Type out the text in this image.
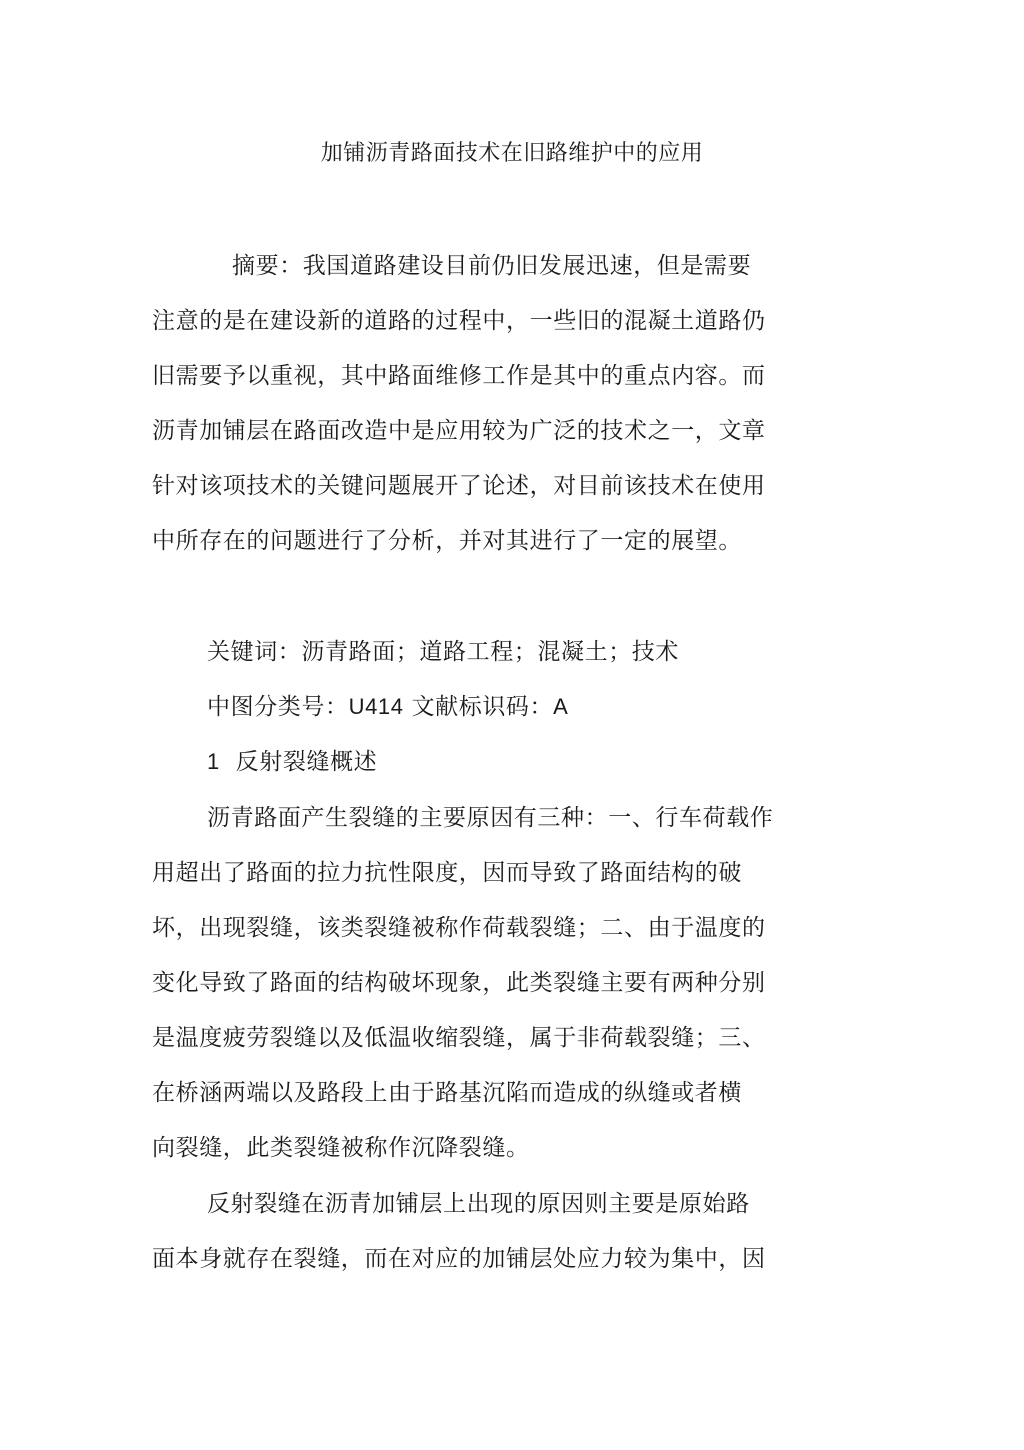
加铺沥青路面技术在旧路维护中的应用
摘要：我国道路建设目前仍旧发展迅速，但是需要
注意的是在建设新的道路的过程中，一些旧的混凝土道路仍
旧需要予以重视，其中路面维修工作是其中的重点内容。而
沥青加铺层在路面改造中是应用较为广泛的技术之一，文章
针对该项技术的关键问题展开了论述，对目前该技术在使用
中所存在的问题进行了分析，并对其进行了一定的展望。
关键词：沥青路面；道路工程；混凝土；技术
中图分类号：U414 文献标识码：A
1 反射裂缝概述
沥青路面产生裂缝的主要原因有三种：一、行车荷载作
用超出了路面的拉力抗性限度，因而导致了路面结构的破
坏，出现裂缝，该类裂缝被称作荷载裂缝；二、由于温度的
变化导致了路面的结构破坏现象，此类裂缝主要有两种分别
是温度疲劳裂缝以及低温收缩裂缝，属于非荷载裂缝；三、
在桥涵两端以及路段上由于路基沉陷而造成的纵缝或者横
向裂缝，此类裂缝被称作沉降裂缝。
反射裂缝在沥青加铺层上出现的原因则主要是原始路
面本身就存在裂缝，而在对应的加铺层处应力较为集中，因
